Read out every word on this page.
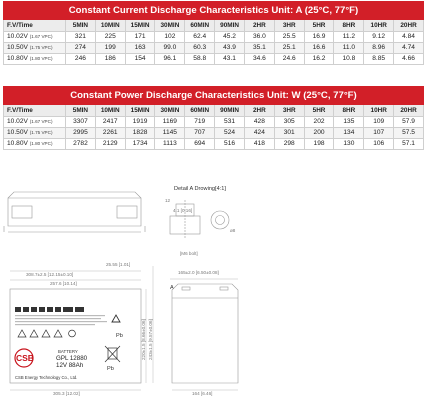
Constant Current Discharge Characteristics Unit: A (25°C, 77°F)												
F.V/Time	5MIN	10MIN	15MIN	30MIN	60MIN	90MIN	2HR	3HR	5HR	8HR	10HR	20HR
10.02V (1.67 VPC)	321	225	171	102	62.4	45.2	36.0	25.5	16.9	11.2	9.12	4.84
10.50V (1.75 VPC)	274	199	163	99.0	60.3	43.9	35.1	25.1	16.6	11.0	8.96	4.74
10.80V (1.80 VPC)	246	186	154	96.1	58.8	43.1	34.6	24.6	16.2	10.8	8.85	4.66
Constant Power Discharge Characteristics Unit: W (25°C, 77°F)												
F.V/Time	5MIN	10MIN	15MIN	30MIN	60MIN	90MIN	2HR	3HR	5HR	8HR	10HR	20HR
10.02V (1.67 VPC)	3307	2417	1919	1169	719	531	428	305	202	135	109	57.9
10.50V (1.75 VPC)	2995	2261	1828	1145	707	524	424	301	200	134	107	57.5
10.80V (1.80 VPC)	2782	2129	1734	1113	694	516	418	298	198	130	106	57.1
25.55 [1.01]
308.7±2.5 [12.15±0.10]
257.6 [10.14]
Pb
CSB
BATTERY
GPL 12880
12V 88Ah	Pb
CSB Energy Technology Co., Ltd.
305.3 [12.02]
220±1.5 [8.66±0.06] 243±1.5 [9.57±0.06]
Detail A Drowing[4:1]
12
4.1 [0.16]
ø8
[M6 bolt]
165±2.0 [6.50±0.08]
A
164 [6.46]
